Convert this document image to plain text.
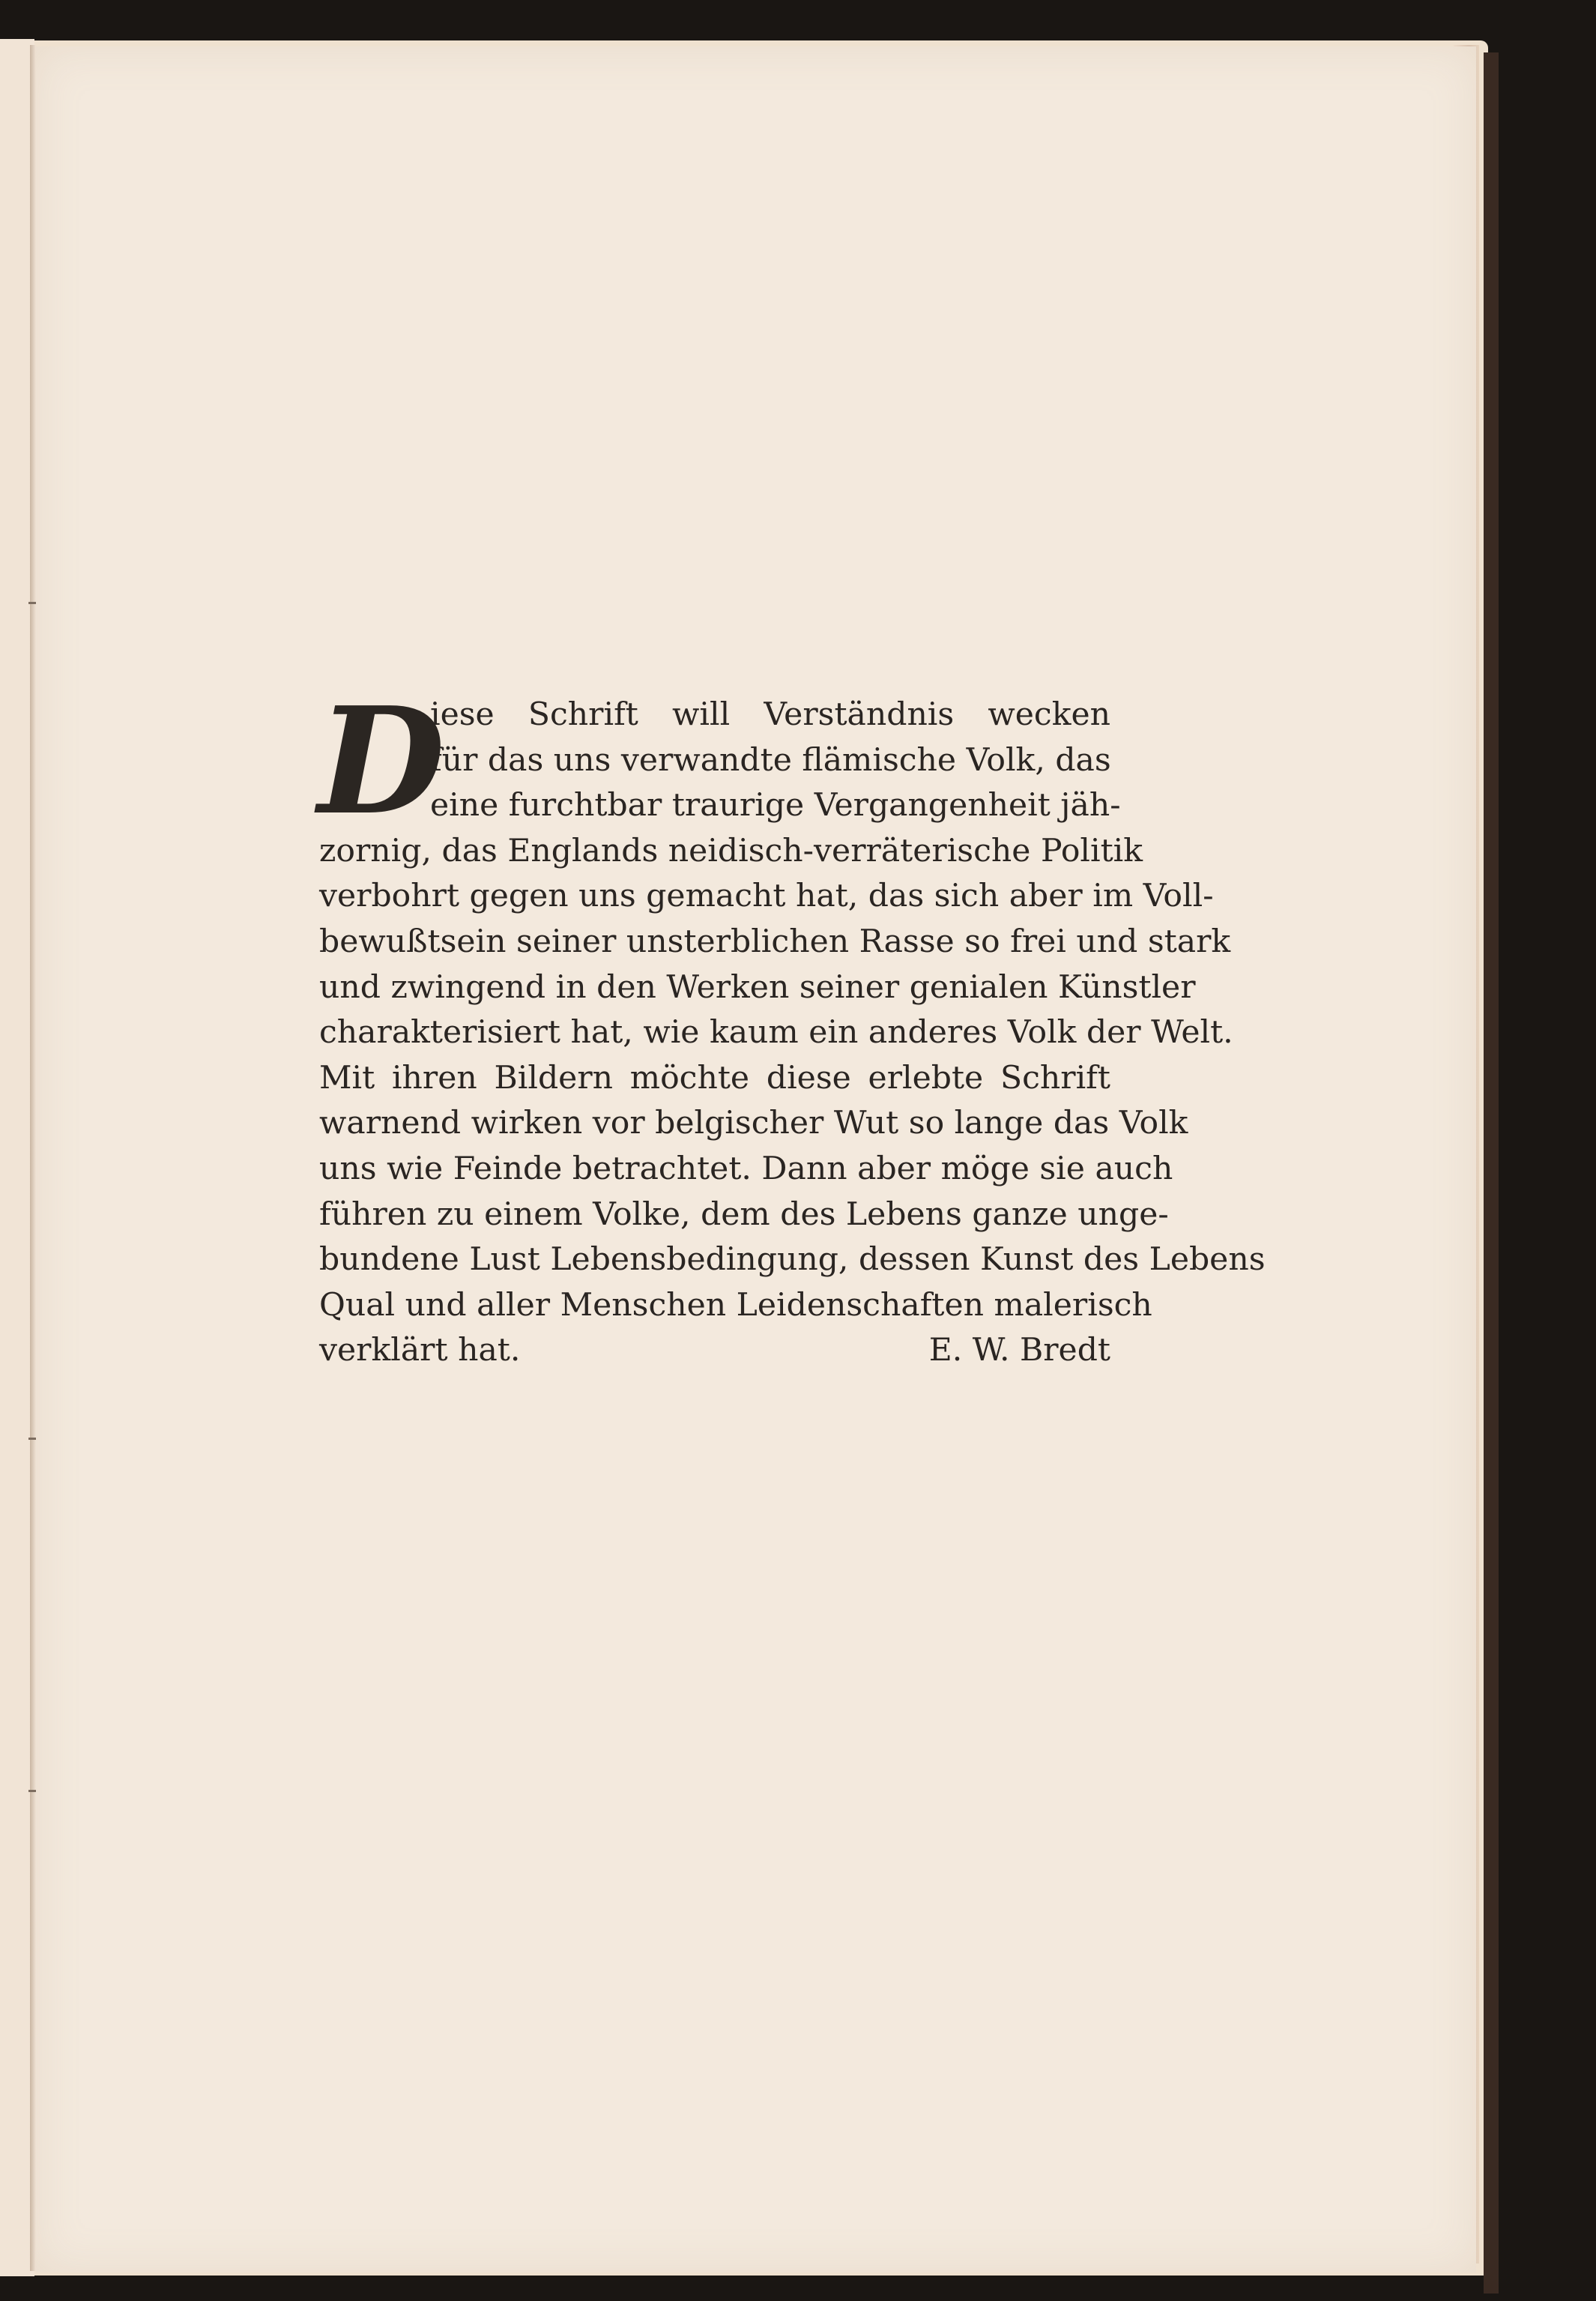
D
iese Schrift will Verständnis wecken
für das uns verwandte flämische Volk, das
eine furchtbar traurige Vergangenheit jäh-
zornig, das Englands neidisch-verräterische Politik
verbohrt gegen uns gemacht hat, das sich aber im Voll-
bewußtsein seiner unsterblichen Rasse so frei und stark
und zwingend in den Werken seiner genialen Künstler
charakterisiert hat, wie kaum ein anderes Volk der Welt.
Mit ihren Bildern möchte diese erlebte Schrift
warnend wirken vor belgischer Wut so lange das Volk
uns wie Feinde betrachtet. Dann aber möge sie auch
führen zu einem Volke, dem des Lebens ganze unge-
bundene Lust Lebensbedingung, dessen Kunst des Lebens
Qual und aller Menschen Leidenschaften malerisch
verklärt hat.	E. W. Bredt
